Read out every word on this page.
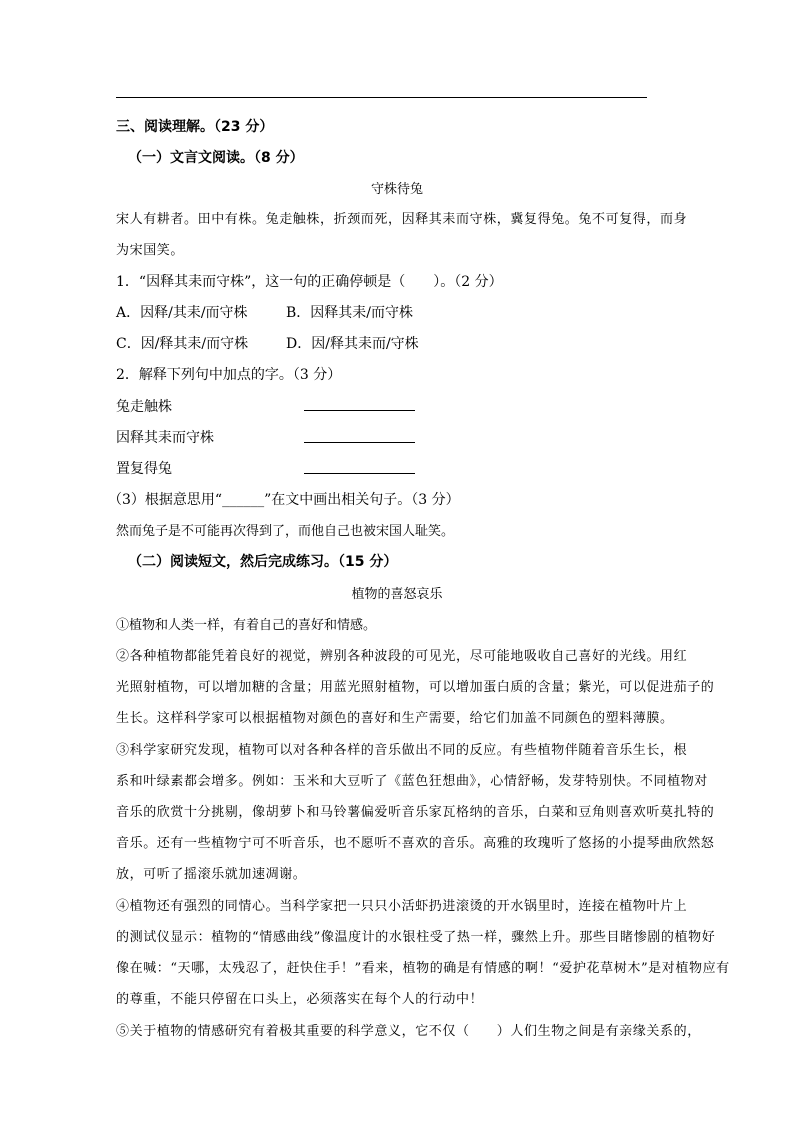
三、阅读理解。（23 分）
（一）文言文阅读。（8 分）
守株待兔
宋人有耕者。田中有株。兔走触株，折颈而死，因释其耒而守株，冀复得兔。兔不可复得，而身
为宋国笑。
1．“因释其耒而守株”，这一句的正确停顿是（　　）。（2 分）
A．因释/其耒/而守株	B．因释其耒/而守株
C．因/释其耒/而守株	D．因/释其耒而/守株
2．解释下列句中加点的字。（3 分）
兔走触株
因释其耒而守株
置复得兔
（3）根据意思用“______”在文中画出相关句子。（3 分）
然而兔子是不可能再次得到了，而他自己也被宋国人耻笑。
（二）阅读短文，然后完成练习。（15 分）
植物的喜怒哀乐
①植物和人类一样，有着自己的喜好和情感。
②各种植物都能凭着良好的视觉，辨别各种波段的可见光，尽可能地吸收自己喜好的光线。用红
光照射植物，可以增加糖的含量；用蓝光照射植物，可以增加蛋白质的含量；紫光，可以促进茄子的
生长。这样科学家可以根据植物对颜色的喜好和生产需要，给它们加盖不同颜色的塑料薄膜。
③科学家研究发现，植物可以对各种各样的音乐做出不同的反应。有些植物伴随着音乐生长，根
系和叶绿素都会增多。例如：玉米和大豆听了《蓝色狂想曲》，心情舒畅，发芽特别快。不同植物对
音乐的欣赏十分挑剔，像胡萝卜和马铃薯偏爱听音乐家瓦格纳的音乐，白菜和豆角则喜欢听莫扎特的
音乐。还有一些植物宁可不听音乐，也不愿听不喜欢的音乐。高雅的玫瑰听了悠扬的小提琴曲欣然怒
放，可听了摇滚乐就加速凋谢。
④植物还有强烈的同情心。当科学家把一只只小活虾扔进滚烫的开水锅里时，连接在植物叶片上
的测试仪显示：植物的“情感曲线”像温度计的水银柱受了热一样，骤然上升。那些目睹惨剧的植物好
像在喊：“天哪，太残忍了，赶快住手！”看来，植物的确是有情感的啊！“爱护花草树木”是对植物应有
的尊重，不能只停留在口头上，必须落实在每个人的行动中！
⑤关于植物的情感研究有着极其重要的科学意义，它不仅（　　）人们生物之间是有亲缘关系的，
